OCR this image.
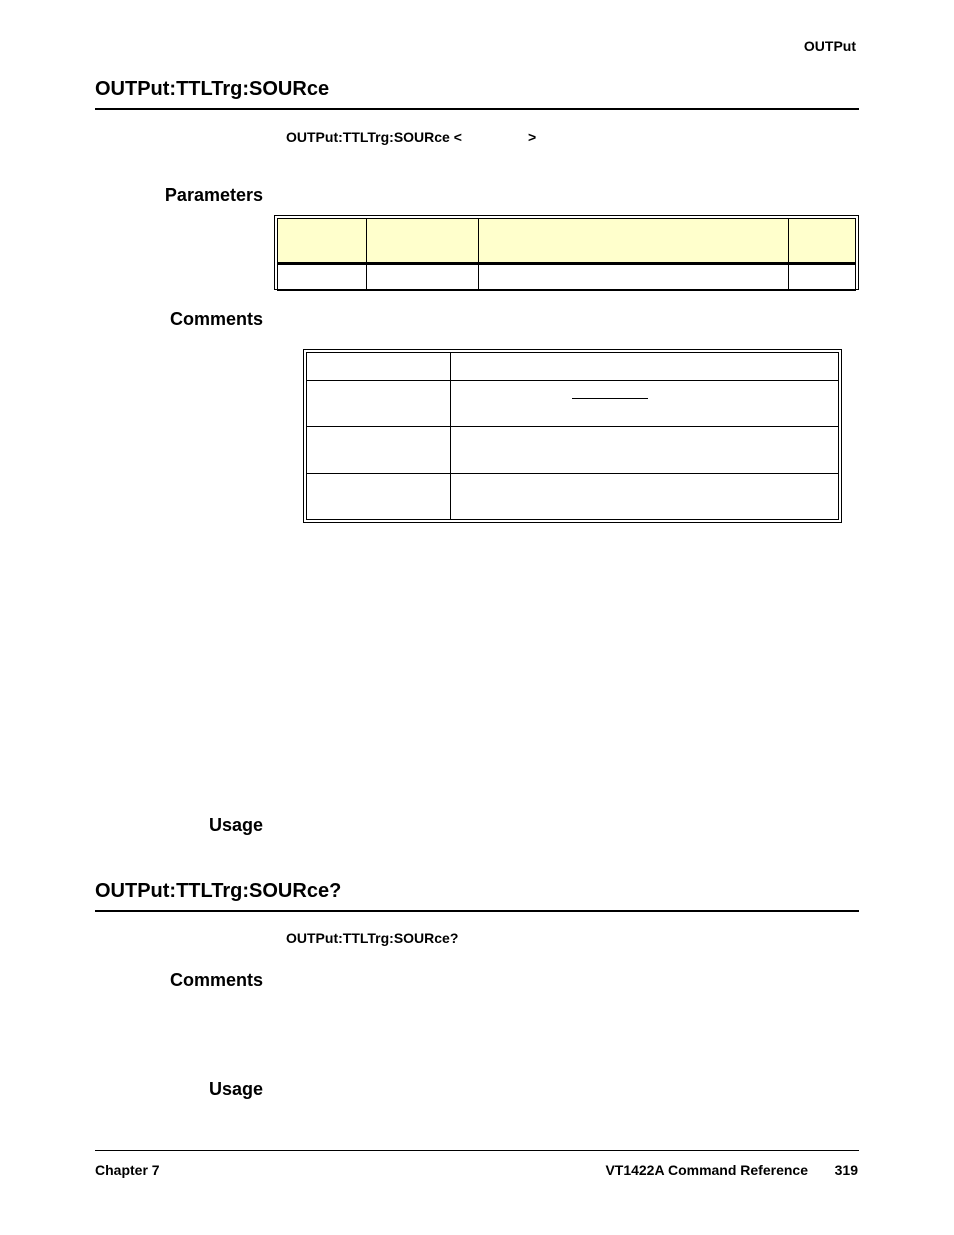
OUTPut
OUTPut:TTLTrg:SOURce
OUTPut:TTLTrg:SOURce <                 >
Parameters

Comments

Usage
OUTPut:TTLTrg:SOURce?
OUTPut:TTLTrg:SOURce?
Comments
Usage
Chapter 7	VT1422A Command Reference 319
